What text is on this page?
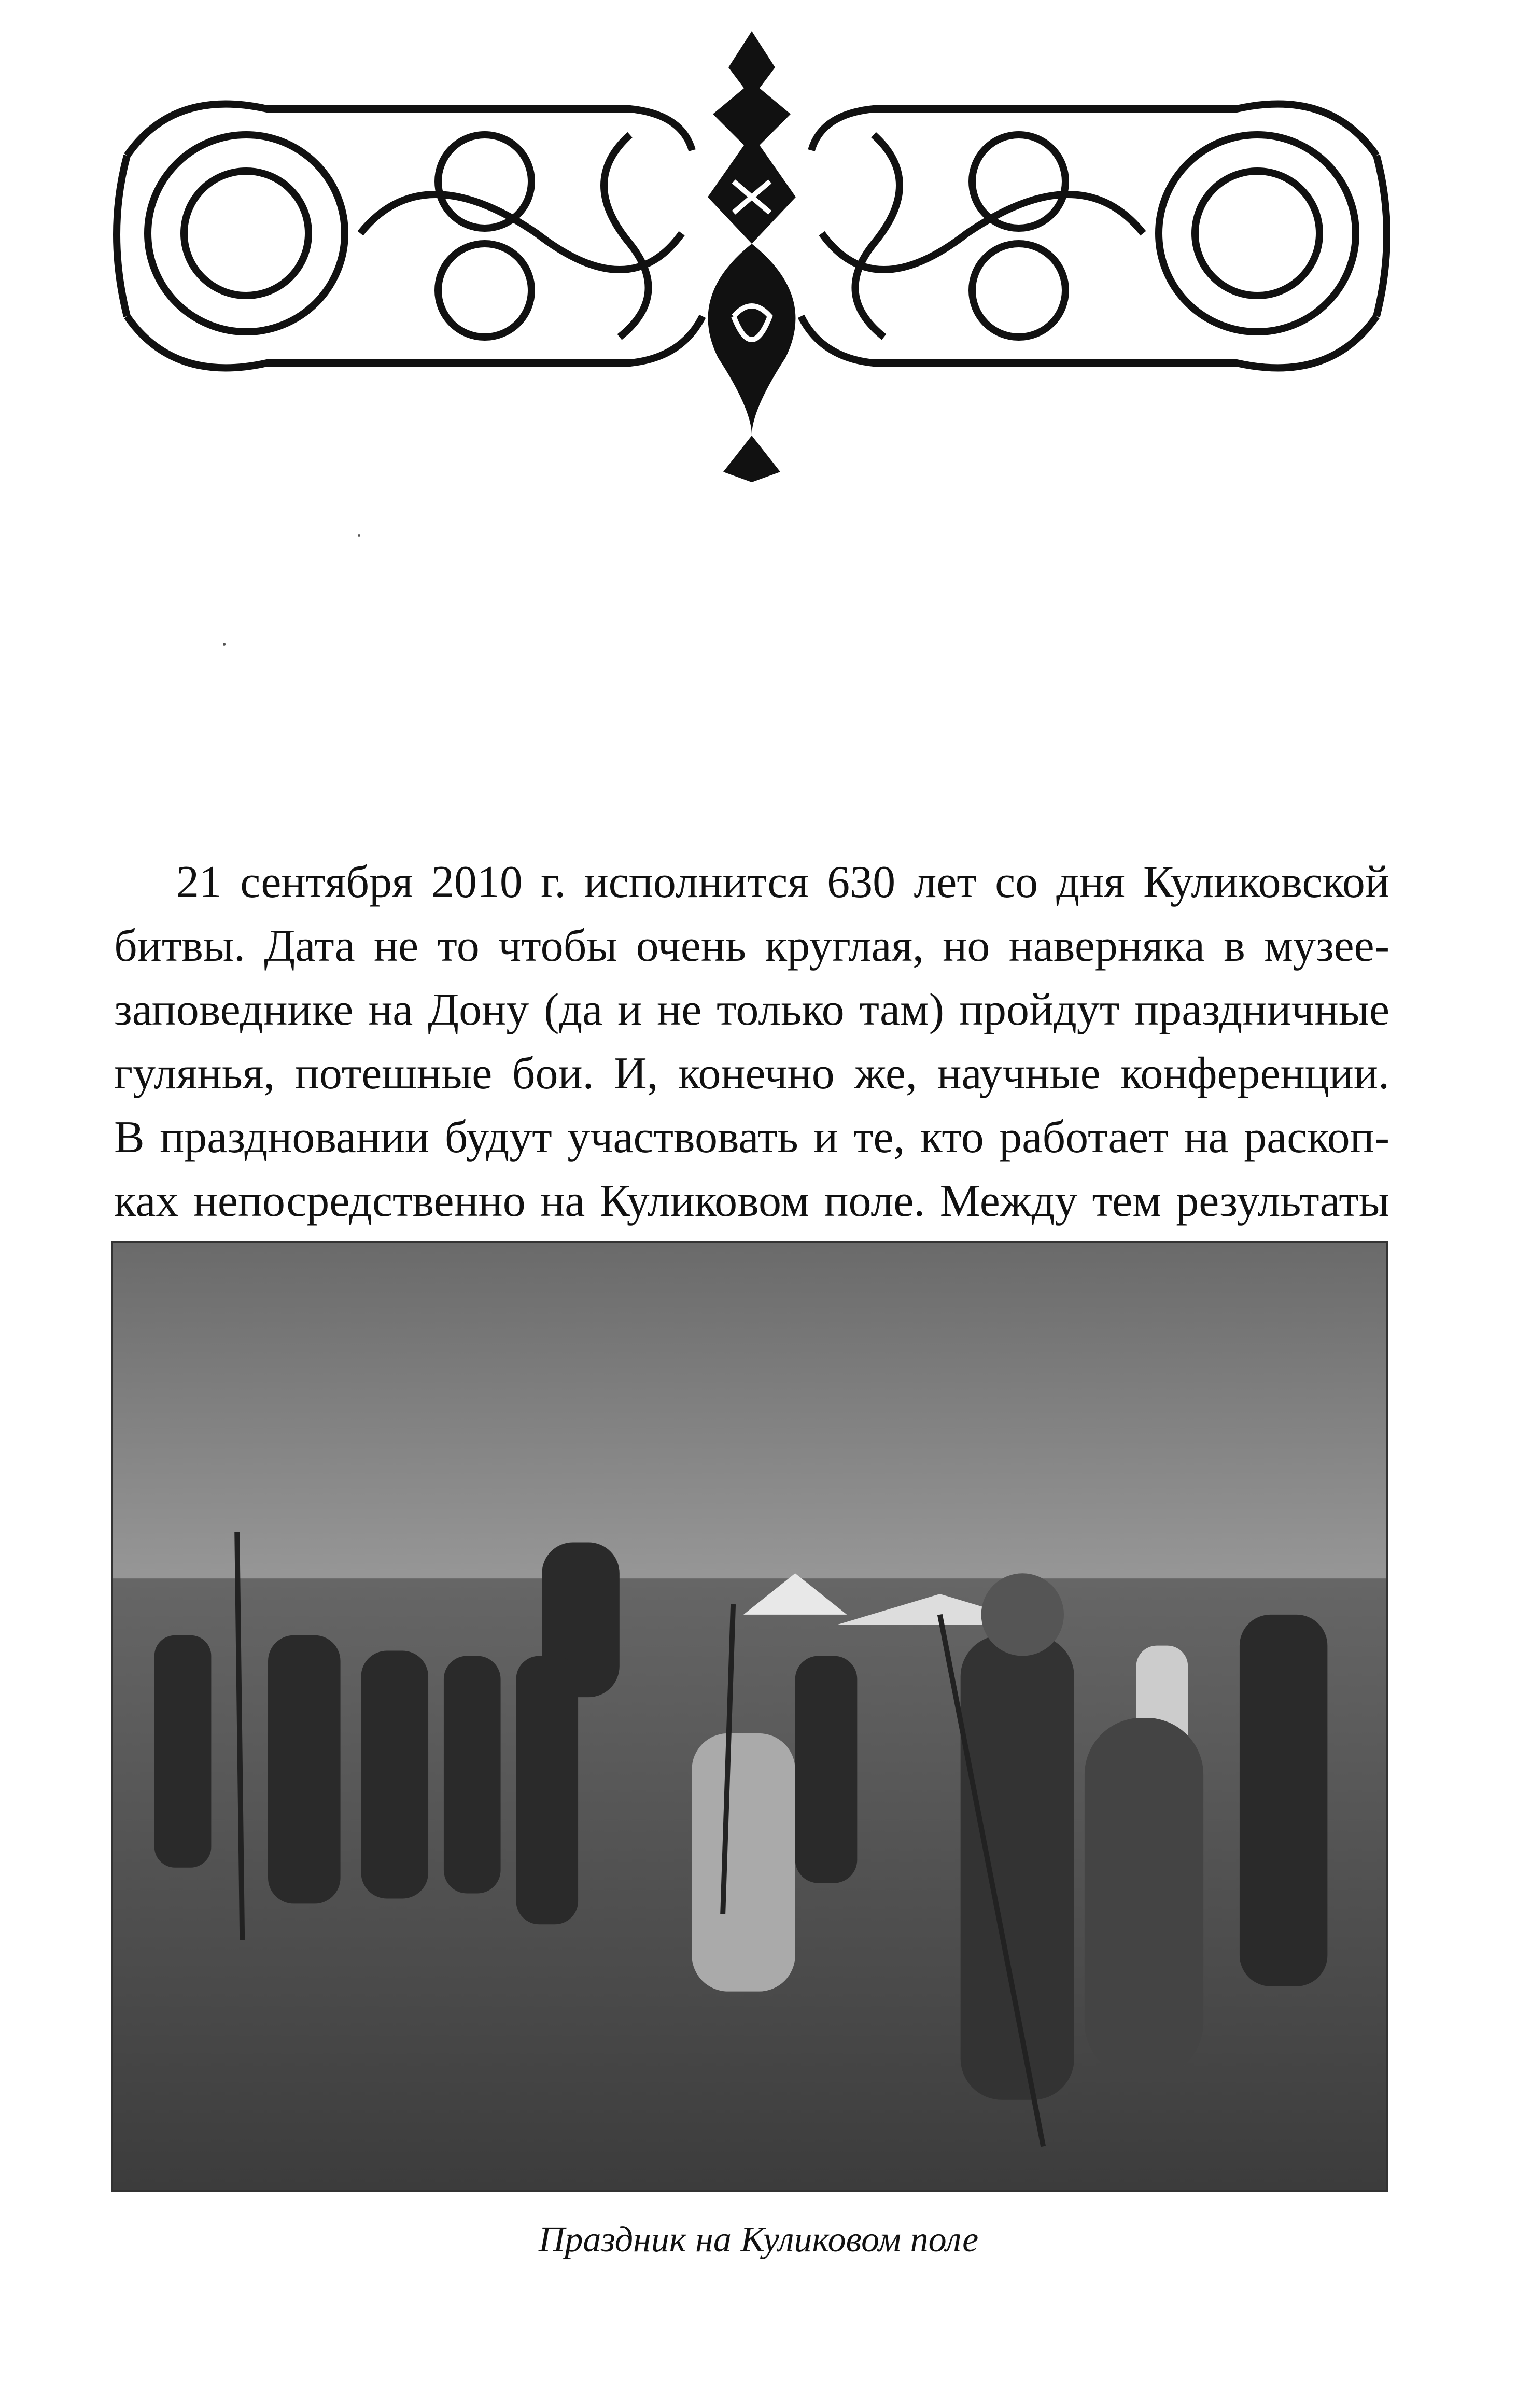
21 сентября 2010 г. исполнится 630 лет со дня Куликовской
битвы. Дата не то чтобы очень круглая, но наверняка в музее-
заповеднике на Дону (да и не только там) пройдут праздничные
гулянья, потешные бои. И, конечно же, научные конференции.
В праздновании будут участвовать и те, кто работает на раскоп-
ках непосредственно на Куликовом поле. Между тем результаты
Праздник на Куликовом поле
